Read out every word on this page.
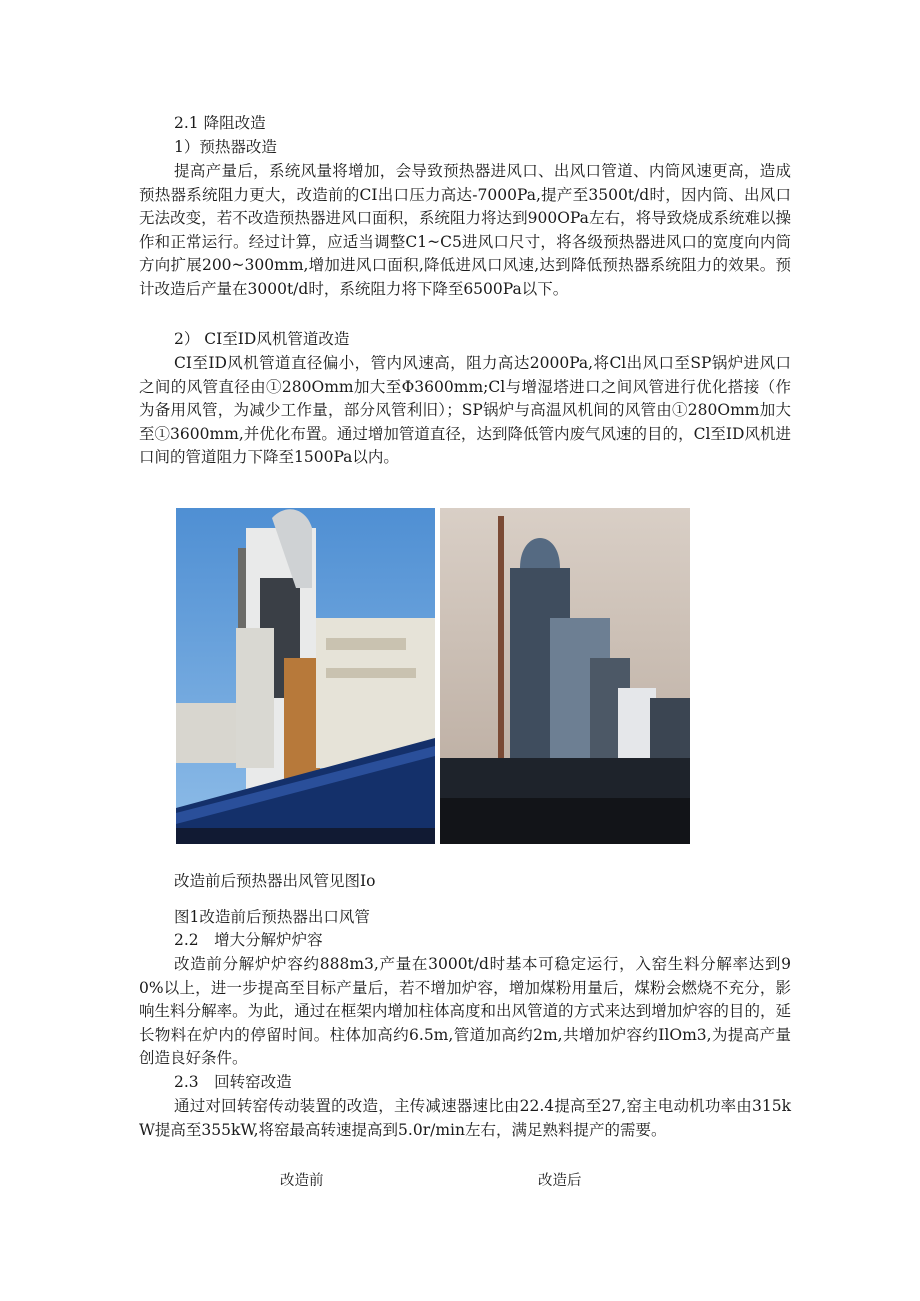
2.1 降阻改造

1）预热器改造

提高产量后，系统风量将增加，会导致预热器进风口、出风口管道、内筒风速更高，造成预热器系统阻力更大，改造前的CI出口压力高达-7000Pa,提产至3500t/d时，因内筒、出风口无法改变，若不改造预热器进风口面积，系统阻力将达到900OPa左右，将导致烧成系统难以操作和正常运行。经过计算，应适当调整C1~C5进风口尺寸，将各级预热器进风口的宽度向内筒方向扩展200~300mm,增加进风口面积,降低进风口风速,达到降低预热器系统阻力的效果。预计改造后产量在3000t/d时，系统阻力将下降至6500Pa以下。

2） CI至ID风机管道改造

CI至ID风机管道直径偏小，管内风速高，阻力高达2000Pa,将Cl出风口至SP锅炉进风口之间的风管直径由①280Omm加大至Φ3600mm;Cl与增湿塔进口之间风管进行优化搭接（作为备用风管，为减少工作量，部分风管利旧）；SP锅炉与高温风机间的风管由①280Omm加大至①3600mm,并优化布置。通过增加管道直径，达到降低管内废气风速的目的，Cl至ID风机进口间的管道阻力下降至1500Pa以内。

改造前后预热器出风管见图Io

图1改造前后预热器出口风管

2.2　增大分解炉炉容

改造前分解炉炉容约888m3,产量在3000t/d时基本可稳定运行，入窑生料分解率达到90%以上，进一步提高至目标产量后，若不增加炉容，增加煤粉用量后，煤粉会燃烧不充分，影响生料分解率。为此，通过在框架内增加柱体高度和出风管道的方式来达到增加炉容的目的，延长物料在炉内的停留时间。柱体加高约6.5m,管道加高约2m,共增加炉容约IlOm3,为提高产量创造良好条件。

2.3　回转窑改造

通过对回转窑传动装置的改造，主传减速器速比由22.4提高至27,窑主电动机功率由315kW提高至355kW,将窑最高转速提高到5.0r/min左右，满足熟料提产的需要。

改造前	改造后
